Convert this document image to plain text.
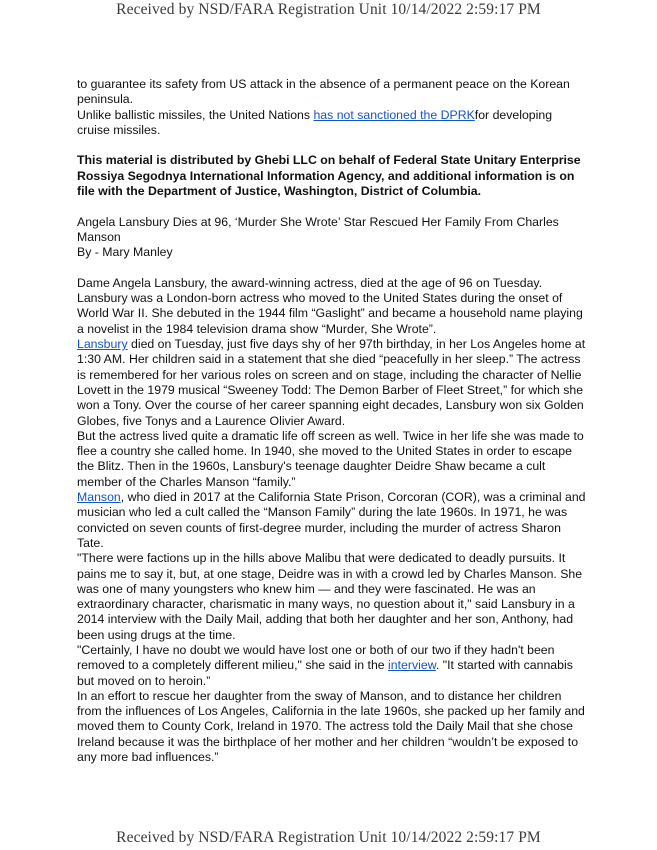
Received by NSD/FARA Registration Unit 10/14/2022 2:59:17 PM

to guarantee its safety from US attack in the absence of a permanent peace on the Korean peninsula.

Unlike ballistic missiles, the United Nations has not sanctioned the DPRKfor developing cruise missiles.

This material is distributed by Ghebi LLC on behalf of Federal State Unitary Enterprise Rossiya Segodnya International Information Agency, and additional information is on file with the Department of Justice, Washington, District of Columbia.

Angela Lansbury Dies at 96, ‘Murder She Wrote’ Star Rescued Her Family From Charles Manson

By - Mary Manley

Dame Angela Lansbury, the award-winning actress, died at the age of 96 on Tuesday. Lansbury was a London-born actress who moved to the United States during the onset of World War II. She debuted in the 1944 film “Gaslight” and became a household name playing a novelist in the 1984 television drama show “Murder, She Wrote”.

Lansbury died on Tuesday, just five days shy of her 97th birthday, in her Los Angeles home at 1:30 AM. Her children said in a statement that she died “peacefully in her sleep.” The actress is remembered for her various roles on screen and on stage, including the character of Nellie Lovett in the 1979 musical “Sweeney Todd: The Demon Barber of Fleet Street,” for which she won a Tony. Over the course of her career spanning eight decades, Lansbury won six Golden Globes, five Tonys and a Laurence Olivier Award.

But the actress lived quite a dramatic life off screen as well. Twice in her life she was made to flee a country she called home. In 1940, she moved to the United States in order to escape the Blitz. Then in the 1960s, Lansbury's teenage daughter Deidre Shaw became a cult member of the Charles Manson “family.”

Manson, who died in 2017 at the California State Prison, Corcoran (COR), was a criminal and musician who led a cult called the “Manson Family” during the late 1960s. In 1971, he was convicted on seven counts of first-degree murder, including the murder of actress Sharon Tate.

"There were factions up in the hills above Malibu that were dedicated to deadly pursuits. It pains me to say it, but, at one stage, Deidre was in with a crowd led by Charles Manson. She was one of many youngsters who knew him — and they were fascinated. He was an extraordinary character, charismatic in many ways, no question about it," said Lansbury in a 2014 interview with the Daily Mail, adding that both her daughter and her son, Anthony, had been using drugs at the time.

"Certainly, I have no doubt we would have lost one or both of our two if they hadn't been removed to a completely different milieu," she said in the interview. "It started with cannabis but moved on to heroin.”

In an effort to rescue her daughter from the sway of Manson, and to distance her children from the influences of Los Angeles, California in the late 1960s, she packed up her family and moved them to County Cork, Ireland in 1970. The actress told the Daily Mail that she chose Ireland because it was the birthplace of her mother and her children “wouldn’t be exposed to any more bad influences.”

Received by NSD/FARA Registration Unit 10/14/2022 2:59:17 PM
